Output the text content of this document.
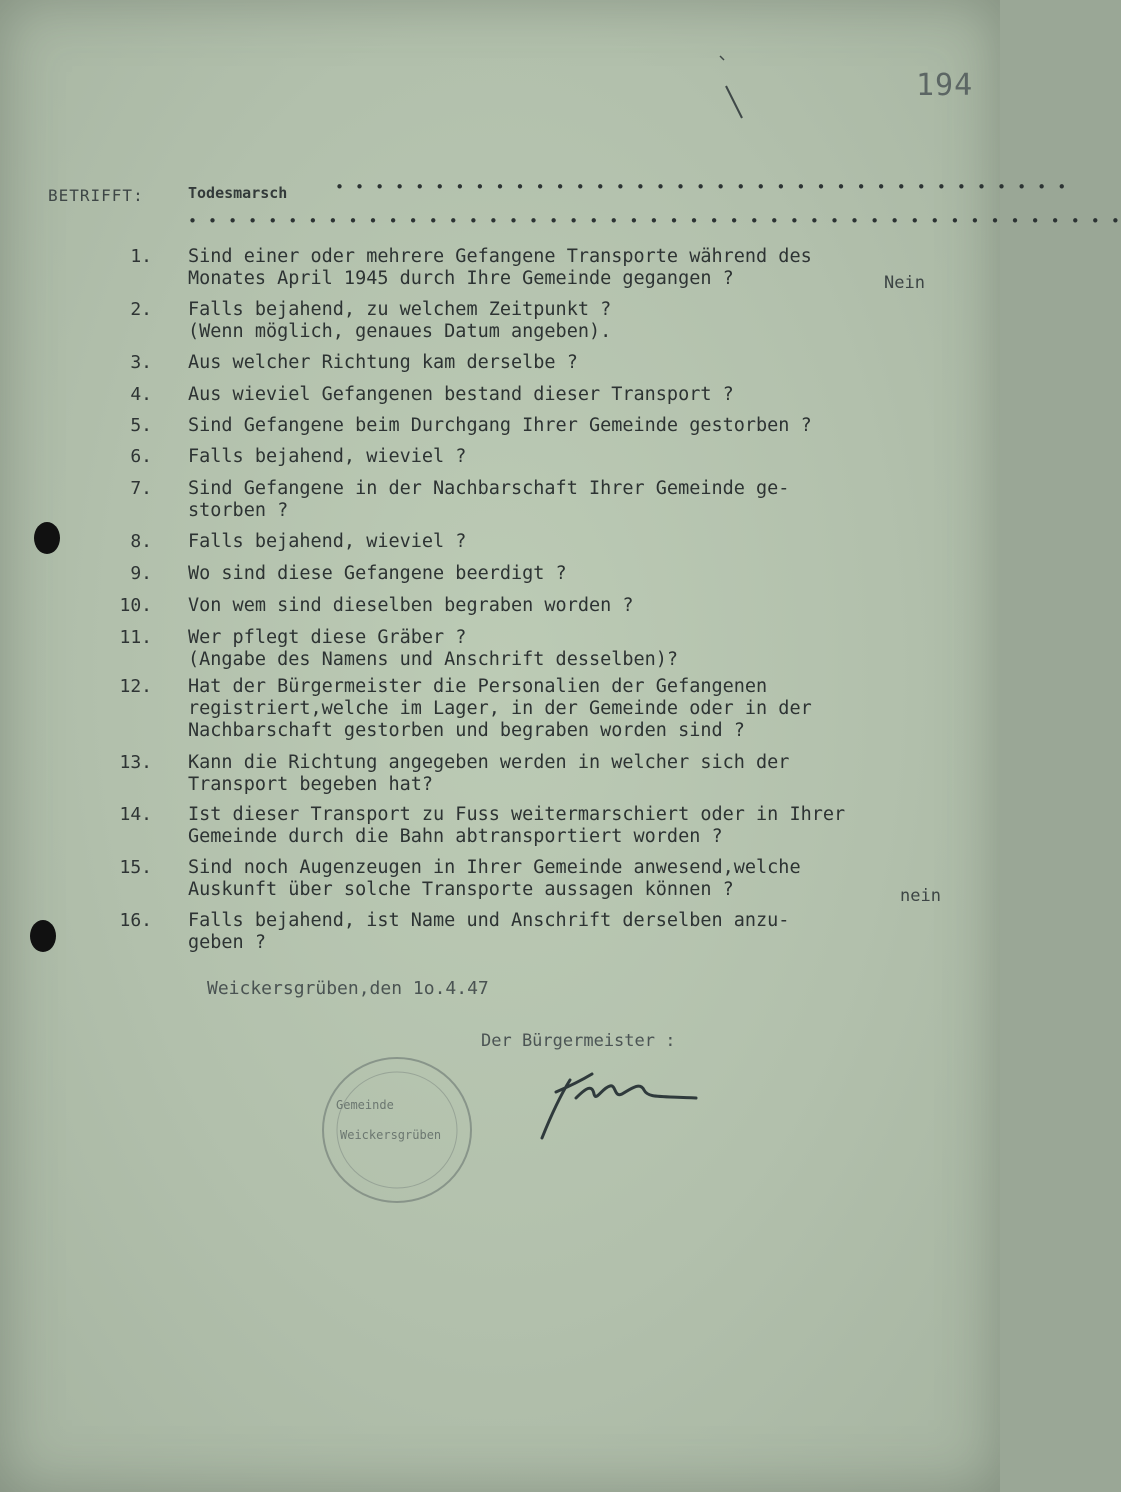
194
BETRIFFT:	Todesmarsch	• • • • • • • • • • • • • • • • • • • • • • • • • • • • • • • • • • • • •
• • • • • • • • • • • • • • • • • • • • • • • • • • • • • • • • • • • • • • • • • • • • • • •
1. Sind einer oder mehrere Gefangene Transporte während des
Monates April 1945 durch Ihre Gemeinde gegangen ?
2. Falls bejahend, zu welchem Zeitpunkt ?
(Wenn möglich, genaues Datum angeben).
3. Aus welcher Richtung kam derselbe ?
4. Aus wieviel Gefangenen bestand dieser Transport ?
5. Sind Gefangene beim Durchgang Ihrer Gemeinde gestorben ?
6. Falls bejahend, wieviel ?
7. Sind Gefangene in der Nachbarschaft Ihrer Gemeinde ge-
storben ?
8. Falls bejahend, wieviel ?
9. Wo sind diese Gefangene beerdigt ?
10. Von wem sind dieselben begraben worden ?
11. Wer pflegt diese Gräber ?
(Angabe des Namens und Anschrift desselben)?
12. Hat der Bürgermeister die Personalien der Gefangenen
registriert,welche im Lager, in der Gemeinde oder in der
Nachbarschaft gestorben und begraben worden sind ?
13. Kann die Richtung angegeben werden in welcher sich der
Transport begeben hat?
14. Ist dieser Transport zu Fuss weitermarschiert oder in Ihrer
Gemeinde durch die Bahn abtransportiert worden ?
15. Sind noch Augenzeugen in Ihrer Gemeinde anwesend,welche
Auskunft über solche Transporte aussagen können ?
16. Falls bejahend, ist Name und Anschrift derselben anzu-
geben ?
Nein
nein
Weickersgrüben,den 1o.4.47
Der Bürgermeister :
Gemeinde
Weickersgrüben
